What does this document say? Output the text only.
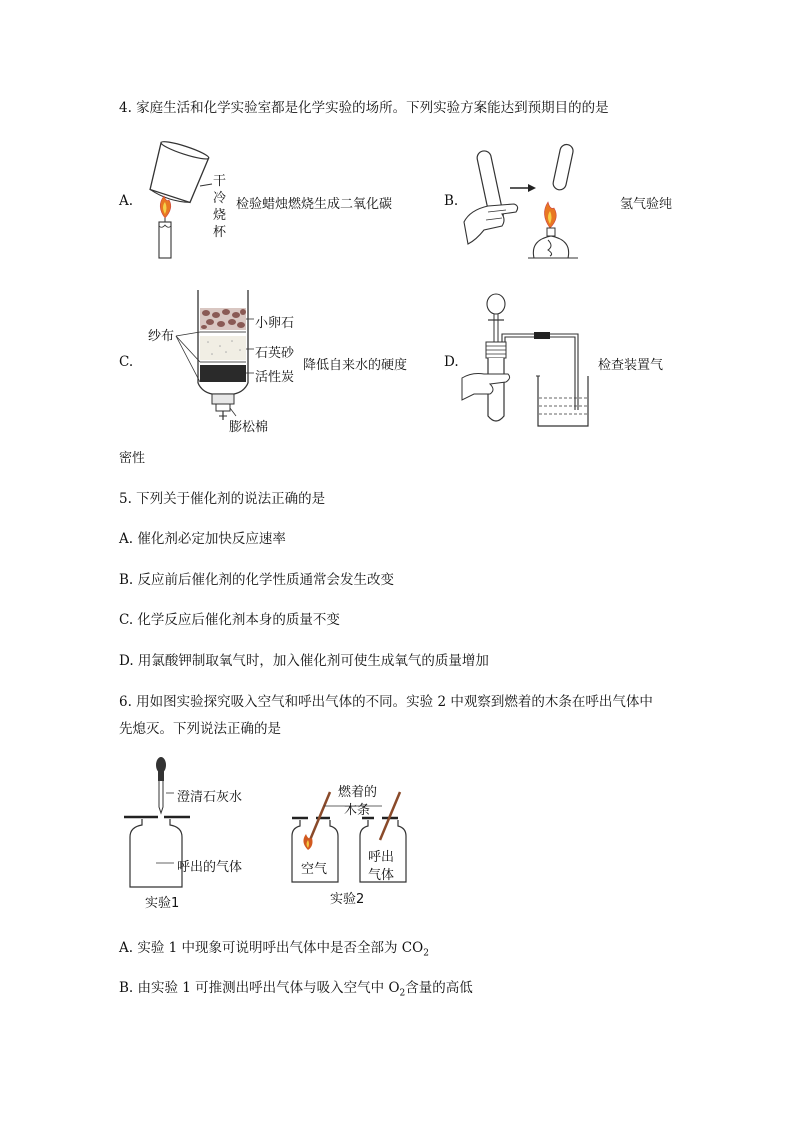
4. 家庭生活和化学实验室都是化学实验的场所。下列实验方案能达到预期目的的是
A.
干
冷
烧
杯
检验蜡烛燃烧生成二氧化碳	B.	氢气验纯
C.
纱布
小卵石
石英砂
活性炭
膨松棉
降低自来水的硬度	D.	检查装置气
密性
5. 下列关于催化剂的说法正确的是
A. 催化剂必定加快反应速率
B. 反应前后催化剂的化学性质通常会发生改变
C. 化学反应后催化剂本身的质量不变
D. 用氯酸钾制取氧气时，加入催化剂可使生成氧气的质量增加
6. 用如图实验探究吸入空气和呼出气体的不同。实验 2 中观察到燃着的木条在呼出气体中
先熄灭。下列说法正确的是
澄清石灰水
呼出的气体
实验1
燃着的
木条
空气
呼出
气体
实验2
A. 实验 1 中现象可说明呼出气体中是否全部为 $CO_2$
B. 由实验 1 可推测出呼出气体与吸入空气中 $O_2$含量的高低
